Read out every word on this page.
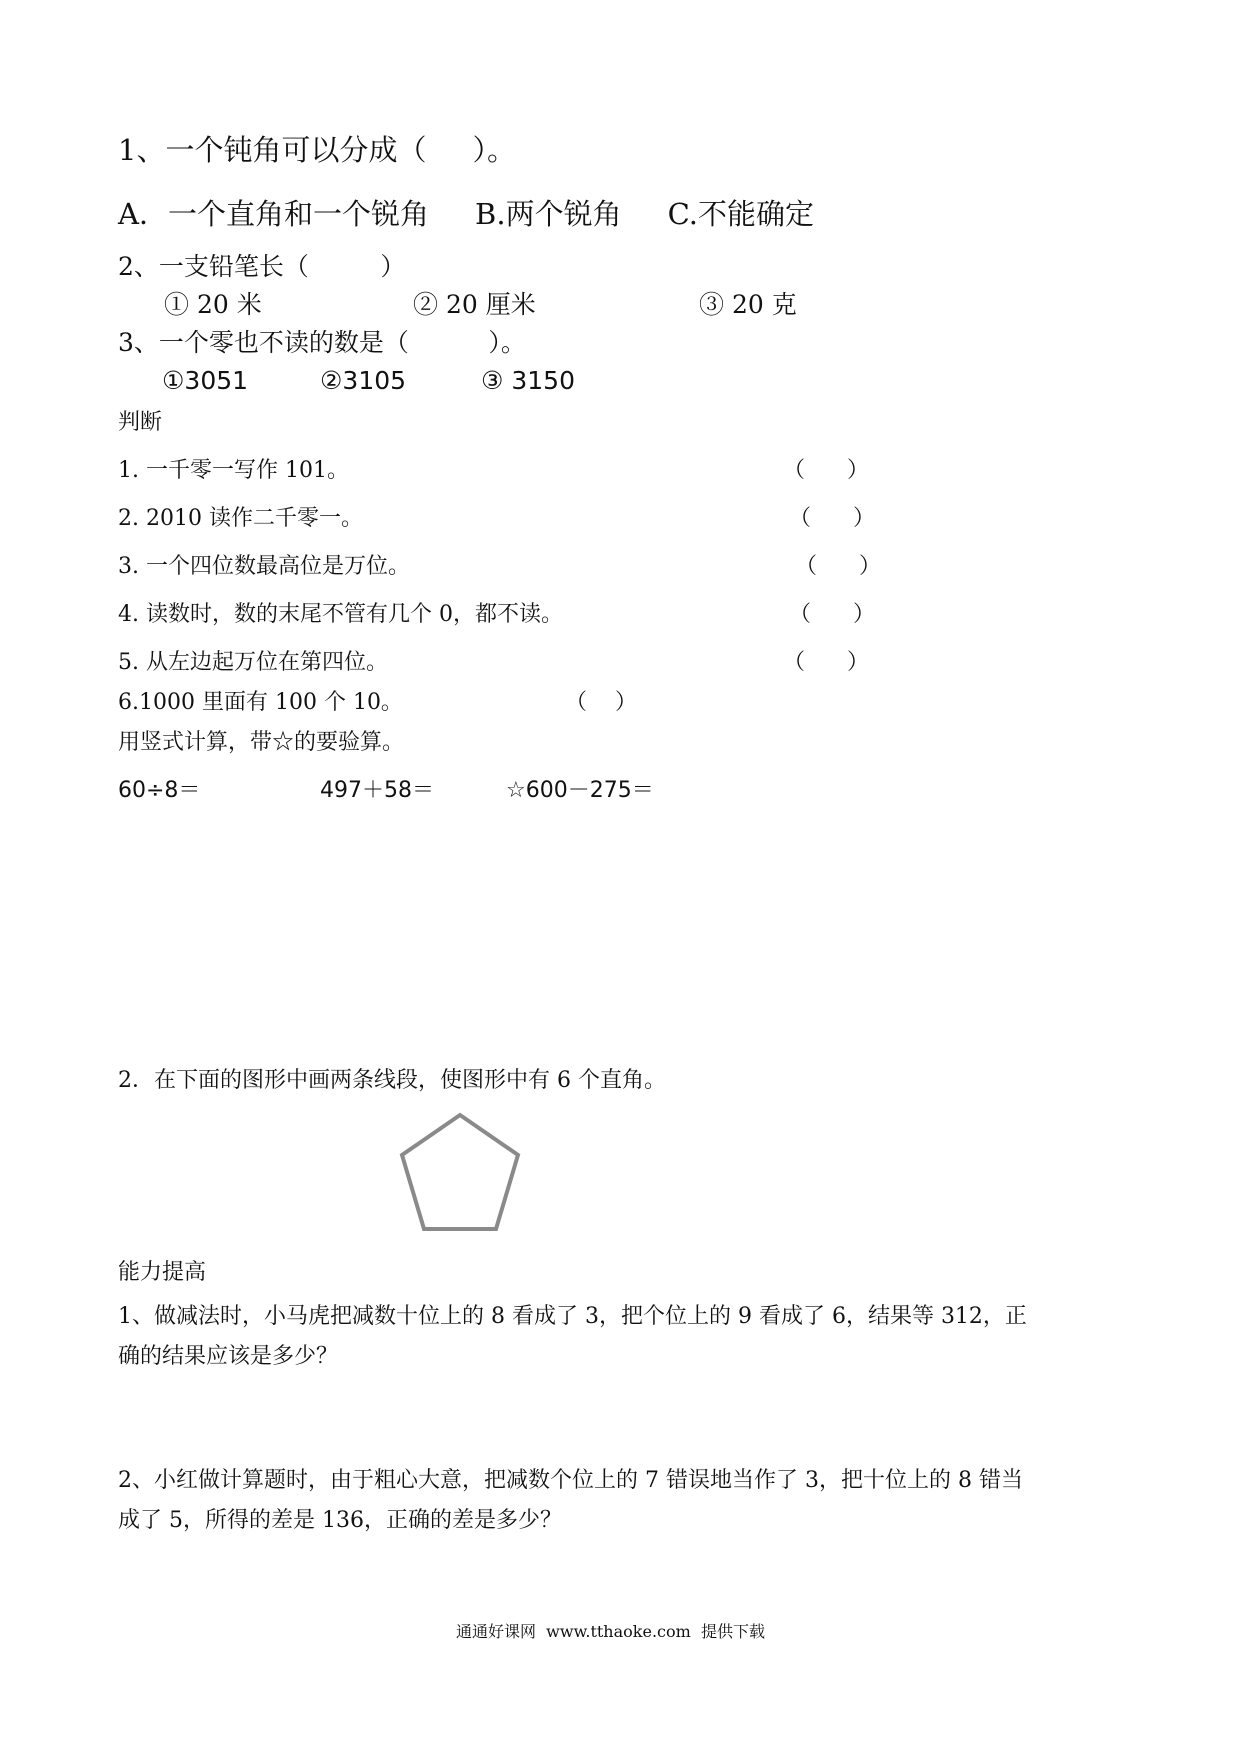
1、一个钝角可以分成（     ）。
A．一个直角和一个锐角     B.两个锐角     C.不能确定
2、一支铅笔长（         ）
① 20 米	② 20 厘米	③ 20 克
3、一个零也不读的数是（          ）。
①3051	②3105	③ 3150
判断
1. 一千零一写作 101。	（      ）
2. 2010 读作二千零一。	（      ）
3. 一个四位数最高位是万位。	（      ）
4. 读数时，数的末尾不管有几个 0，都不读。	（      ）
5. 从左边起万位在第四位。	（      ）
6.1000 里面有 100 个 10。	（    ）
用竖式计算，带☆的要验算。
60÷8＝	497＋58＝	☆600－275＝
2．在下面的图形中画两条线段，使图形中有 6 个直角。
能力提高
1、做减法时，小马虎把减数十位上的 8 看成了 3，把个位上的 9 看成了 6，结果等 312，正
确的结果应该是多少？
2、小红做计算题时，由于粗心大意，把减数个位上的 7 错误地当作了 3，把十位上的 8 错当
成了 5，所得的差是 136，正确的差是多少？
通通好课网  www.tthaoke.com  提供下载
